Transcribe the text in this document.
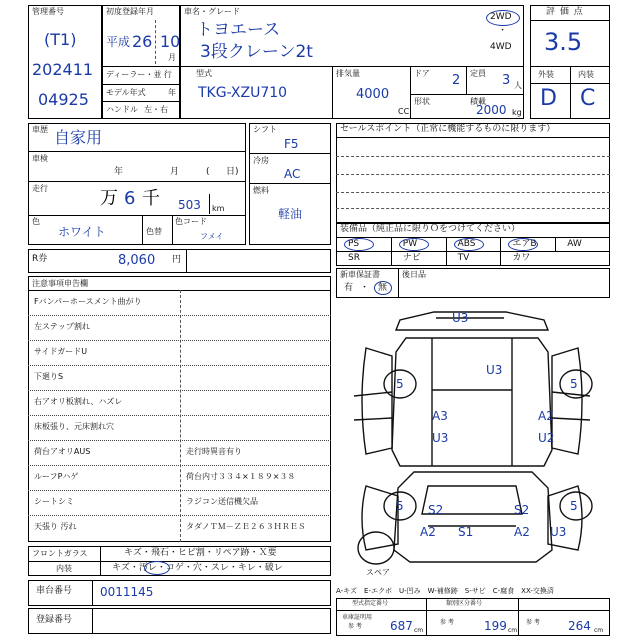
管理番号
(T1)
202411
04925
初度登録年月
平成 26 10
月
ディーラー・並 行
モデル年式	年
ハンドル 左・右
車名・グレード
トヨエース
3段クレーン2t
2WD
・
4WD
型式
TKG-XZU710
排気量
4000
CC
ドア 2 定員 3 人
形状	積載
2000 kg
評 価 点
3.5
外装	内装
D C
車歴 自家用
車検
年	月	( 日)
走行	万 6 千 503 km
色
ホワイト	色替
色コード
フメイ
シフト
F5
冷房
AC
燃料
軽油
セールスポイント（正常に機能するものに限ります）
装備品（純正品に限りＯをつけてください）
PS	PW	ABS	エアB	AW
SR	ナビ	TV	カワ
R券	8,060 円
新車保証書	後日品
有 ・ 無
注意事項申告欄
Fバンパーホースメント曲がり
左ステップ割れ
サイドガードU
下廻りS
右アオリ板割れ、ハズレ
床板張り、元床割れ穴
荷台アオリAUS	走行時異音有り
ルーフPハゲ	荷台内寸３３４×１８９×３８
シートシミ	ラジコン送信機欠品
天張り 汚れ	タダノＴＭ－ＺＥ２６３ＨＲＥＳ
フロントガラス	キズ・飛石・ヒビ割・リペア跡・Ｘ要
内装	キズ・汚レ・コゲ・穴・スレ・キレ・破レ
車台番号 0011145
登録番号
U3
U3
5	5
A3	A2
U3	U2
5	5
S2	S2
A2 S1	A2 U3
スペア
A-キズ　E-エクボ　U-凹み　W-補修跡　S-サビ　C-腐食　XX-交換済
型式指定番号	類別区分番号
車庫証明用
参 考 687 cm
参 考	199 cm
参 考 264 cm
